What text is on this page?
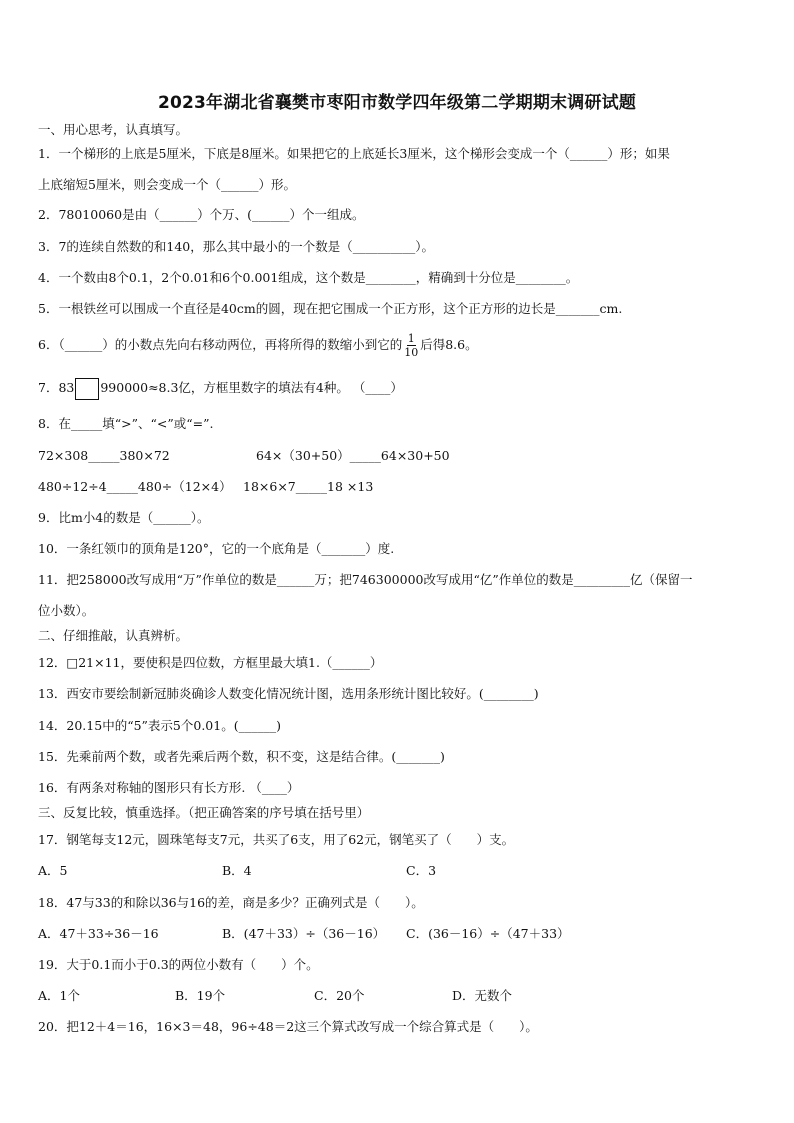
2023年湖北省襄樊市枣阳市数学四年级第二学期期末调研试题
一、用心思考，认真填写。
1．一个梯形的上底是5厘米，下底是8厘米。如果把它的上底延长3厘米，这个梯形会变成一个（______）形；如果
上底缩短5厘米，则会变成一个（______）形。
2．78010060是由（______）个万、(______）个一组成。
3．7的连续自然数的和140，那么其中最小的一个数是（__________）。
4．一个数由8个0.1，2个0.01和6个0.001组成，这个数是________，精确到十分位是________。
5．一根铁丝可以围成一个直径是40cm的圆，现在把它围成一个正方形，这个正方形的边长是_______cm.
6．（______）的小数点先向右移动两位，再将所得的数缩小到它的 $\frac{1}{10}$ 后得8.6。
7．83 990000≈8.3亿，方框里数字的填法有4种。 （____）
8．在_____填“>”、“<”或“=”.
72×308_____380×72	64×（30+50）_____64×30+50
480÷12÷4_____480÷（12×4） 18×6×7_____18 ×13
9．比m小4的数是（______）。
10．一条红领巾的顶角是120°，它的一个底角是（_______）度.
11．把258000改写成用“万”作单位的数是______万；把746300000改写成用“亿”作单位的数是_________亿（保留一
位小数）。
二、仔细推敲，认真辨析。
12．□21×11，要使积是四位数，方框里最大填1.（______）
13．西安市要绘制新冠肺炎确诊人数变化情况统计图，选用条形统计图比较好。(________)
14．20.15中的“5”表示5个0.01。(______)
15．先乘前两个数，或者先乘后两个数，积不变，这是结合律。(_______)
16．有两条对称轴的图形只有长方形. （____）
三、反复比较，慎重选择。（把正确答案的序号填在括号里）
17．钢笔每支12元，圆珠笔每支7元，共买了6支，用了62元，钢笔买了（　　）支。
A．5	B．4	C．3
18．47与33的和除以36与16的差，商是多少？正确列式是（　　）。
A．47＋33÷36－16	B．(47＋33）÷（36－16） C．(36－16）÷（47＋33）
19．大于0.1而小于0.3的两位小数有（　　）个。
A．1个	B．19个	C．20个	D．无数个
20．把12＋4＝16，16×3＝48，96÷48＝2这三个算式改写成一个综合算式是（　　）。
